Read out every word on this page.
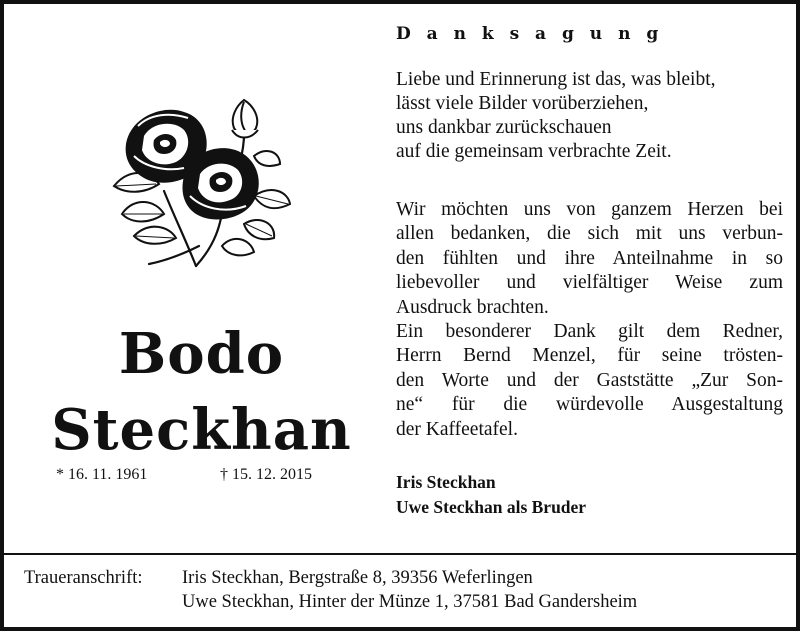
Bodo
Steckhan
* 16. 11. 1961	† 15. 12. 2015
D a n k s a g u n g
Liebe und Erinnerung ist das, was bleibt,
lässt viele Bilder vorüberziehen,
uns dankbar zurückschauen
auf die gemeinsam verbrachte Zeit.
Wir möchten uns von ganzem Herzen bei
allen bedanken, die sich mit uns verbun-
den fühlten und ihre Anteilnahme in so
liebevoller und vielfältiger Weise zum
Ausdruck brachten.
Ein besonderer Dank gilt dem Redner,
Herrn Bernd Menzel, für seine trösten-
den Worte und der Gaststätte „Zur Son-
ne“ für die würdevolle Ausgestaltung
der Kaffeetafel.
Iris Steckhan
Uwe Steckhan als Bruder
Traueranschrift: Iris Steckhan, Bergstraße 8, 39356 Weferlingen
Uwe Steckhan, Hinter der Münze 1, 37581 Bad Gandersheim
